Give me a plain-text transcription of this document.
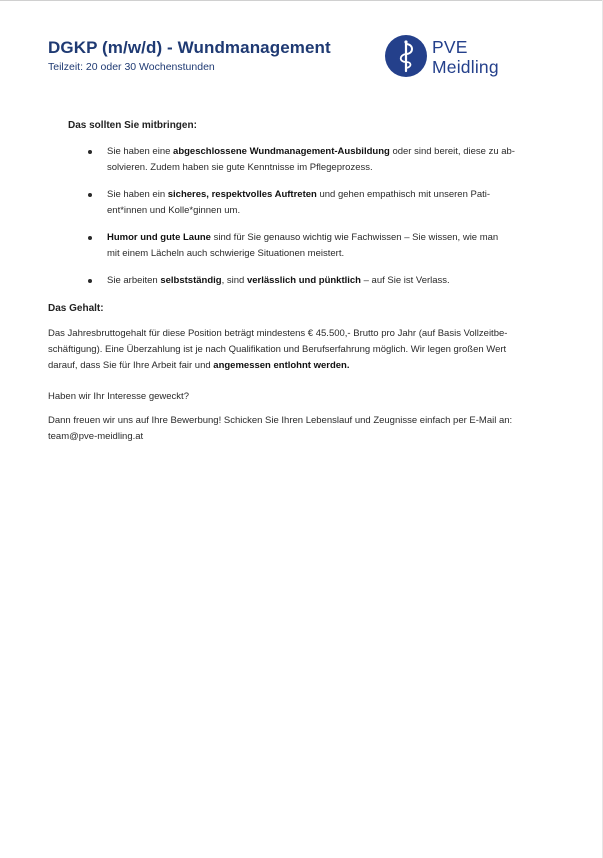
DGKP (m/w/d) - Wundmanagement
Teilzeit: 20 oder 30 Wochenstunden
PVE
Meidling
Das sollten Sie mitbringen:
Sie haben eine abgeschlossene Wundmanagement-Ausbildung oder sind bereit, diese zu ab-
solvieren. Zudem haben sie gute Kenntnisse im Pflegeprozess.
Sie haben ein sicheres, respektvolles Auftreten und gehen empathisch mit unseren Pati-
ent*innen und Kolle*ginnen um.
Humor und gute Laune sind für Sie genauso wichtig wie Fachwissen – Sie wissen, wie man
mit einem Lächeln auch schwierige Situationen meistert.
Sie arbeiten selbstständig, sind verlässlich und pünktlich – auf Sie ist Verlass.
Das Gehalt:
Das Jahresbruttogehalt für diese Position beträgt mindestens € 45.500,- Brutto pro Jahr (auf Basis Vollzeitbe-
schäftigung). Eine Überzahlung ist je nach Qualifikation und Berufserfahrung möglich. Wir legen großen Wert
darauf, dass Sie für Ihre Arbeit fair und angemessen entlohnt werden.
Haben wir Ihr Interesse geweckt?
Dann freuen wir uns auf Ihre Bewerbung! Schicken Sie Ihren Lebenslauf und Zeugnisse einfach per E-Mail an:
team@pve-meidling.at
